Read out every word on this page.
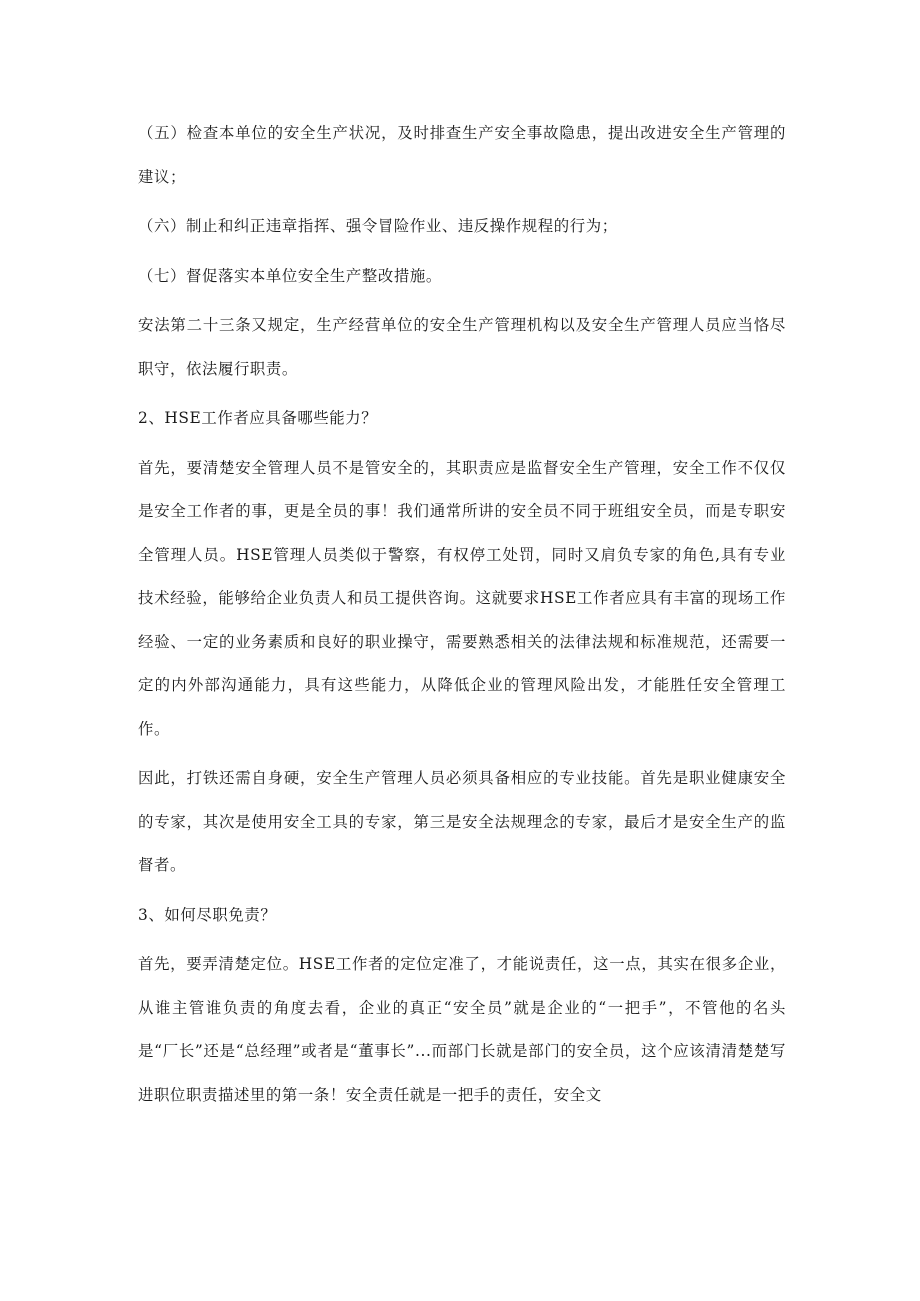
（五）检查本单位的安全生产状况，及时排查生产安全事故隐患，提出改进安全生产管理的建议；

（六）制止和纠正违章指挥、强令冒险作业、违反操作规程的行为；

（七）督促落实本单位安全生产整改措施。

安法第二十三条又规定，生产经营单位的安全生产管理机构以及安全生产管理人员应当恪尽职守，依法履行职责。

2、HSE工作者应具备哪些能力？

首先，要清楚安全管理人员不是管安全的，其职责应是监督安全生产管理，安全工作不仅仅是安全工作者的事，更是全员的事！我们通常所讲的安全员不同于班组安全员，而是专职安全管理人员。HSE管理人员类似于警察，有权停工处罚，同时又肩负专家的角色,具有专业技术经验，能够给企业负责人和员工提供咨询。这就要求HSE工作者应具有丰富的现场工作经验、一定的业务素质和良好的职业操守，需要熟悉相关的法律法规和标准规范，还需要一定的内外部沟通能力，具有这些能力，从降低企业的管理风险出发，才能胜任安全管理工作。

因此，打铁还需自身硬，安全生产管理人员必须具备相应的专业技能。首先是职业健康安全的专家，其次是使用安全工具的专家，第三是安全法规理念的专家，最后才是安全生产的监督者。

3、如何尽职免责？

首先，要弄清楚定位。HSE工作者的定位定准了，才能说责任，这一点，其实在很多企业，从谁主管谁负责的角度去看，企业的真正“安全员”就是企业的“一把手”，不管他的名头是“厂长”还是“总经理”或者是“董事长”...而部门长就是部门的安全员，这个应该清清楚楚写进职位职责描述里的第一条！安全责任就是一把手的责任，安全文
